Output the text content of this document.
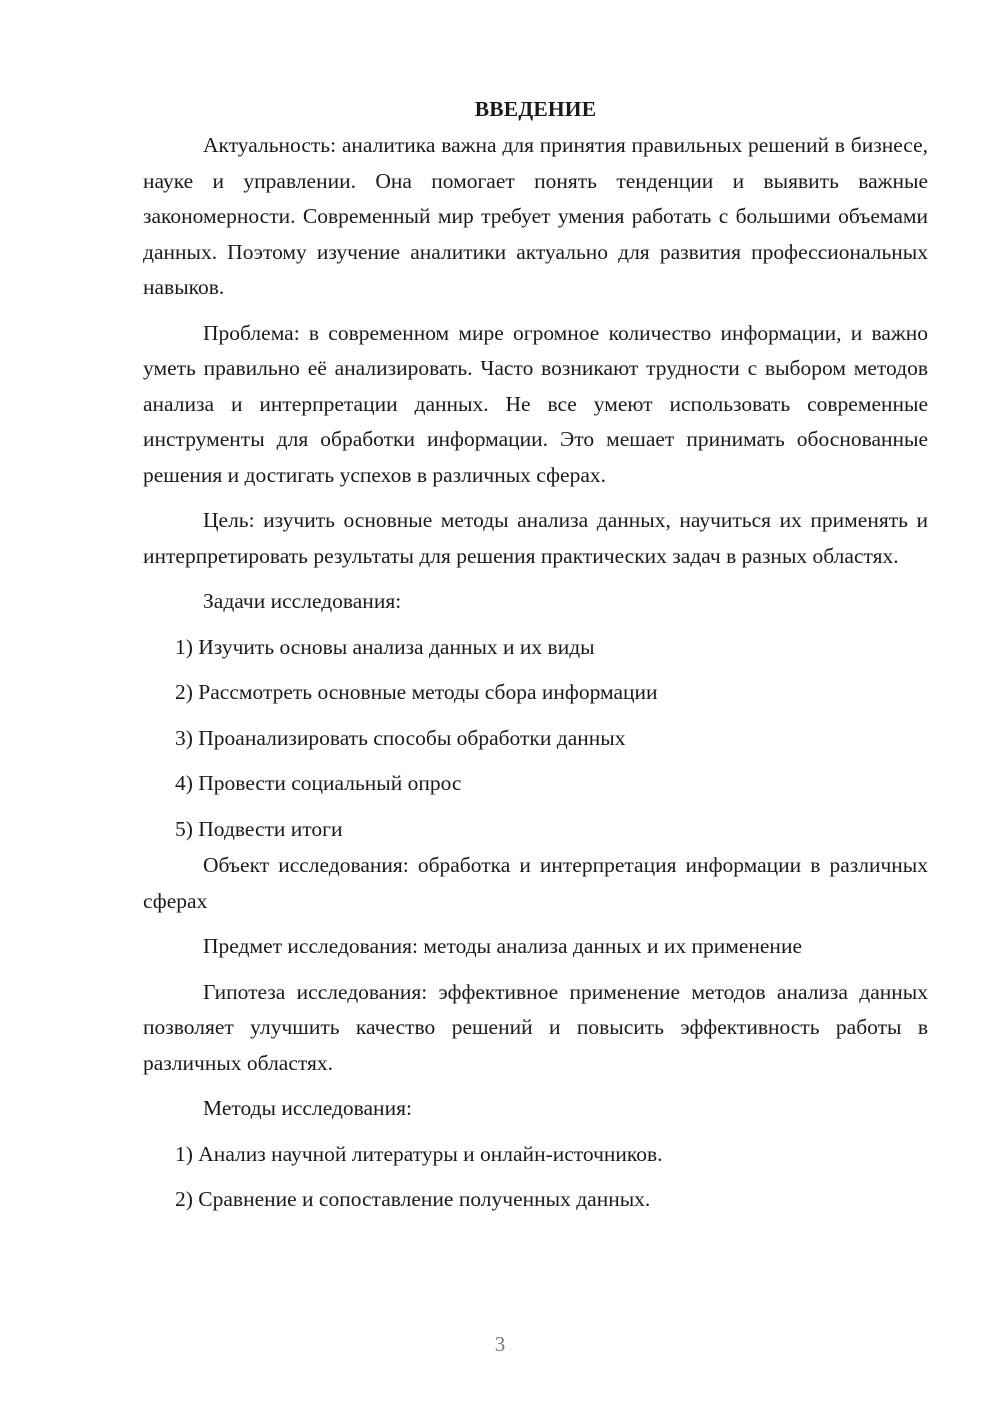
ВВЕДЕНИЕ

Актуальность: аналитика важна для принятия правильных решений в бизнесе, науке и управлении. Она помогает понять тенденции и выявить важные закономерности. Современный мир требует умения работать с большими объемами данных. Поэтому изучение аналитики актуально для развития профессиональных навыков.

Проблема: в современном мире огромное количество информации, и важно уметь правильно её анализировать. Часто возникают трудности с выбором методов анализа и интерпретации данных. Не все умеют использовать современные инструменты для обработки информации. Это мешает принимать обоснованные решения и достигать успехов в различных сферах.

Цель: изучить основные методы анализа данных, научиться их применять и интерпретировать результаты для решения практических задач в разных областях.

Задачи исследования:

1) Изучить основы анализа данных и их виды
2) Рассмотреть основные методы сбора информации
3) Проанализировать способы обработки данных
4) Провести социальный опрос
5) Подвести итоги

Объект исследования: обработка и интерпретация информации в различных сферах

Предмет исследования: методы анализа данных и их применение

Гипотеза исследования: эффективное применение методов анализа данных позволяет улучшить качество решений и повысить эффективность работы в различных областях.

Методы исследования:

1) Анализ научной литературы и онлайн-источников.
2) Сравнение и сопоставление полученных данных.
3
